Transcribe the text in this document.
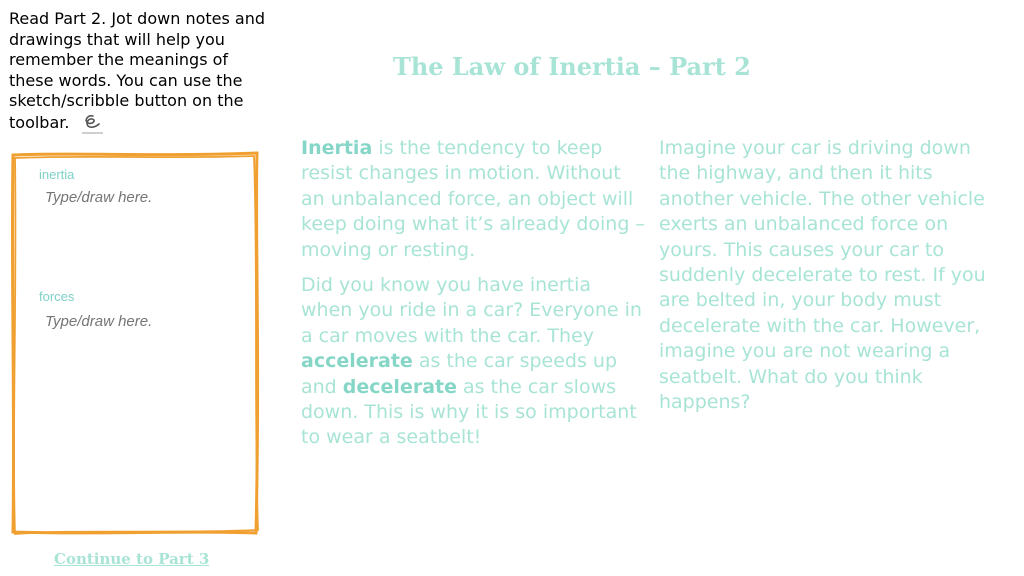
Read Part 2. Jot down notes and drawings that will help you remember the meanings of these words. You can use the sketch/scribble button on the toolbar.
The Law of Inertia – Part 2
inertia
Type/draw here.
forces
Type/draw here.

Inertia is the tendency to keep resist changes in motion. Without an unbalanced force, an object will keep doing what it’s already doing – moving or resting.

Did you know you have inertia when you ride in a car? Everyone in a car moves with the car. They accelerate as the car speeds up and decelerate as the car slows down. This is why it is so important to wear a seatbelt!

Imagine your car is driving down the highway, and then it hits another vehicle. The other vehicle exerts an unbalanced force on yours. This causes your car to suddenly decelerate to rest. If you are belted in, your body must decelerate with the car. However, imagine you are not wearing a seatbelt. What do you think happens?

Continue to Part 3
